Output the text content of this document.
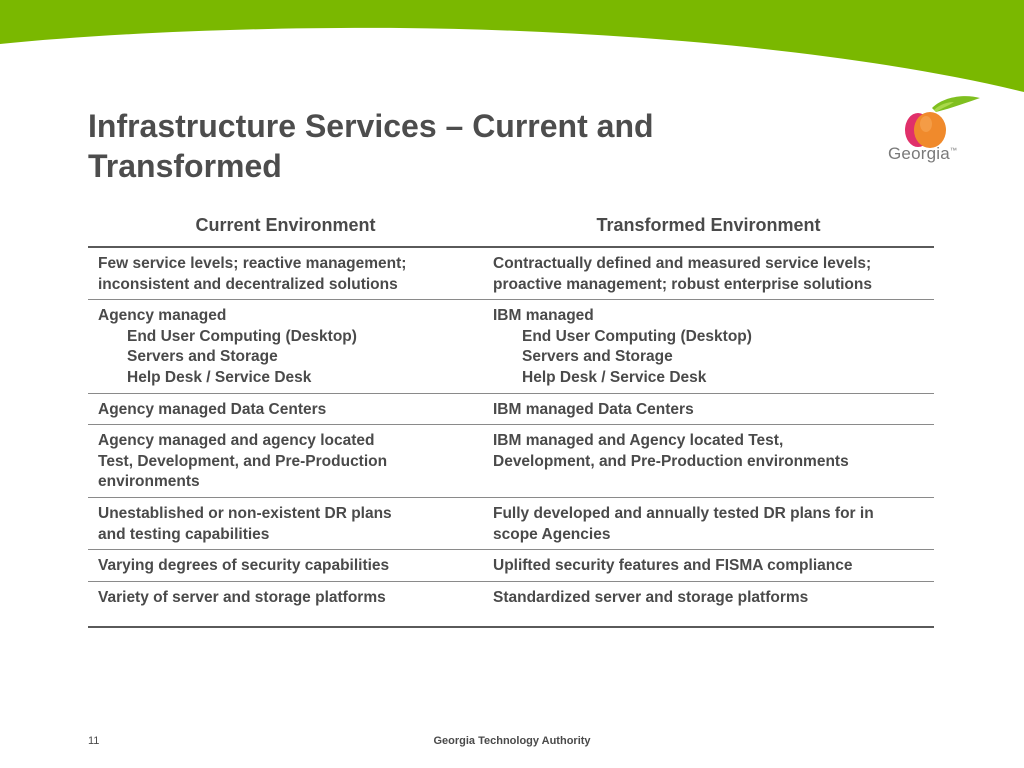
Georgia™
Infrastructure Services – Current and
Transformed
Current Environment	Transformed Environment

Few service levels; reactive management;
inconsistent and decentralized solutions	Contractually defined and measured service levels;
proactive management; robust enterprise solutions

Agency managed
End User Computing (Desktop)
Servers and Storage
Help Desk / Service Desk	IBM managed
End User Computing (Desktop)
Servers and Storage
Help Desk / Service Desk

Agency managed Data Centers	IBM managed Data Centers

Agency managed and agency located
Test, Development, and Pre-Production
environments	IBM managed and Agency located Test,
Development, and Pre-Production environments

Unestablished or non-existent DR plans
and testing capabilities	Fully developed and annually tested DR plans for in
scope Agencies

Varying degrees of security capabilities	Uplifted security features and FISMA compliance

Variety of server and storage platforms	Standardized server and storage platforms
11	Georgia Technology Authority
